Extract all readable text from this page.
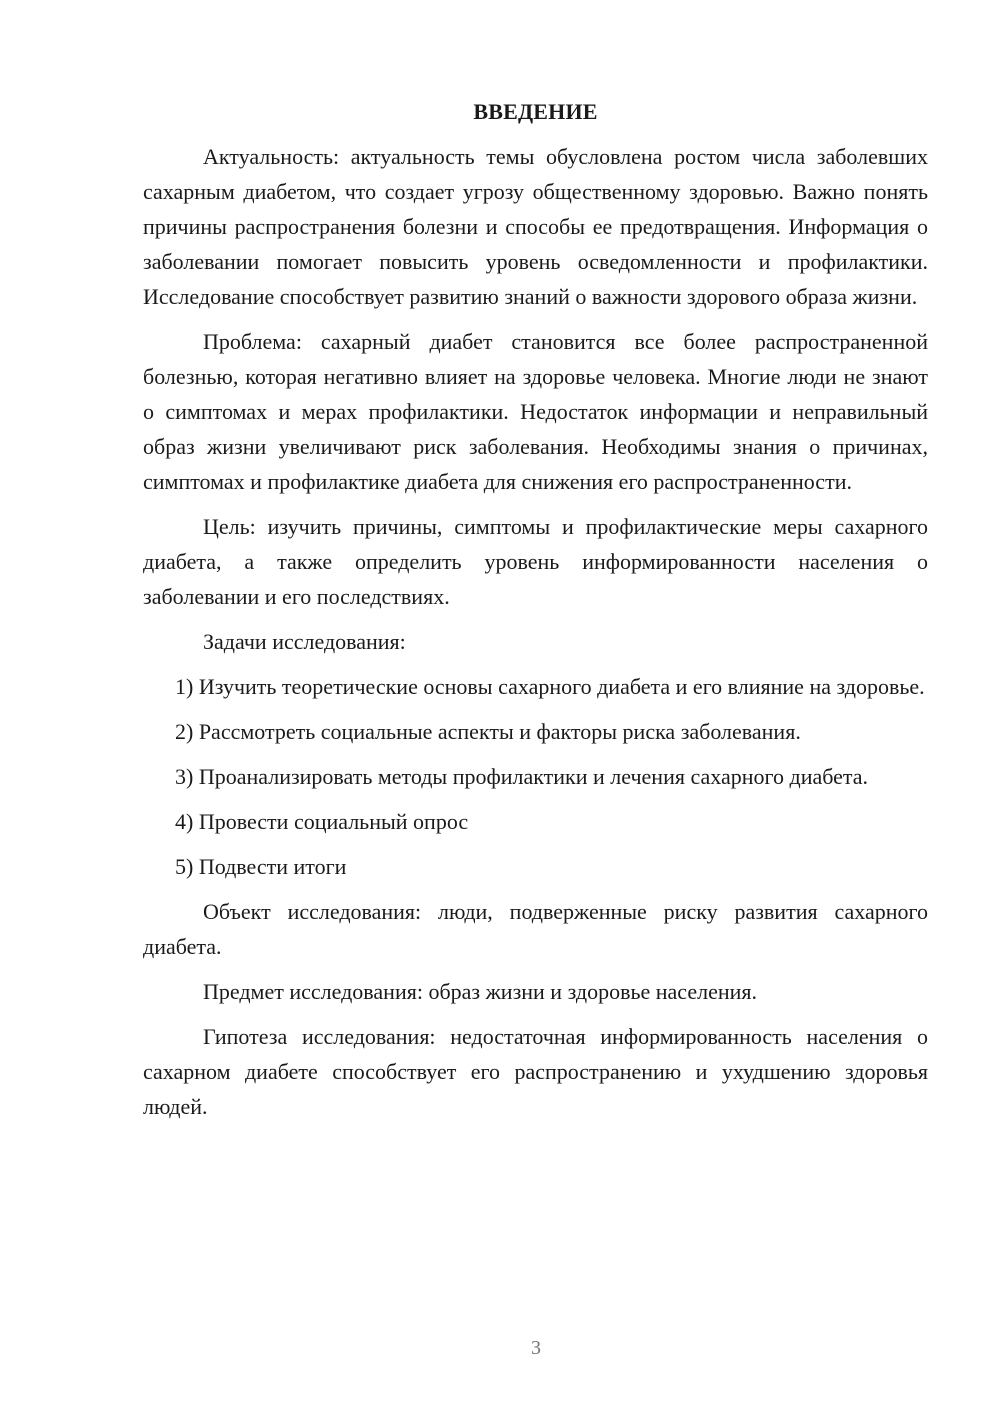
ВВЕДЕНИЕ

Актуальность: актуальность темы обусловлена ростом числа заболевших сахарным диабетом, что создает угрозу общественному здоровью. Важно понять причины распространения болезни и способы ее предотвращения. Информация о заболевании помогает повысить уровень осведомленности и профилактики. Исследование способствует развитию знаний о важности здорового образа жизни.

Проблема: сахарный диабет становится все более распространенной болезнью, которая негативно влияет на здоровье человека. Многие люди не знают о симптомах и мерах профилактики. Недостаток информации и неправильный образ жизни увеличивают риск заболевания. Необходимы знания о причинах, симптомах и профилактике диабета для снижения его распространенности.

Цель: изучить причины, симптомы и профилактические меры сахарного диабета, а также определить уровень информированности населения о заболевании и его последствиях.

Задачи исследования:

1) Изучить теоретические основы сахарного диабета и его влияние на здоровье.

2) Рассмотреть социальные аспекты и факторы риска заболевания.

3) Проанализировать методы профилактики и лечения сахарного диабета.

4) Провести социальный опрос

5) Подвести итоги

Объект исследования: люди, подверженные риску развития сахарного диабета.

Предмет исследования: образ жизни и здоровье населения.

Гипотеза исследования: недостаточная информированность населения о сахарном диабете способствует его распространению и ухудшению здоровья людей.

3
